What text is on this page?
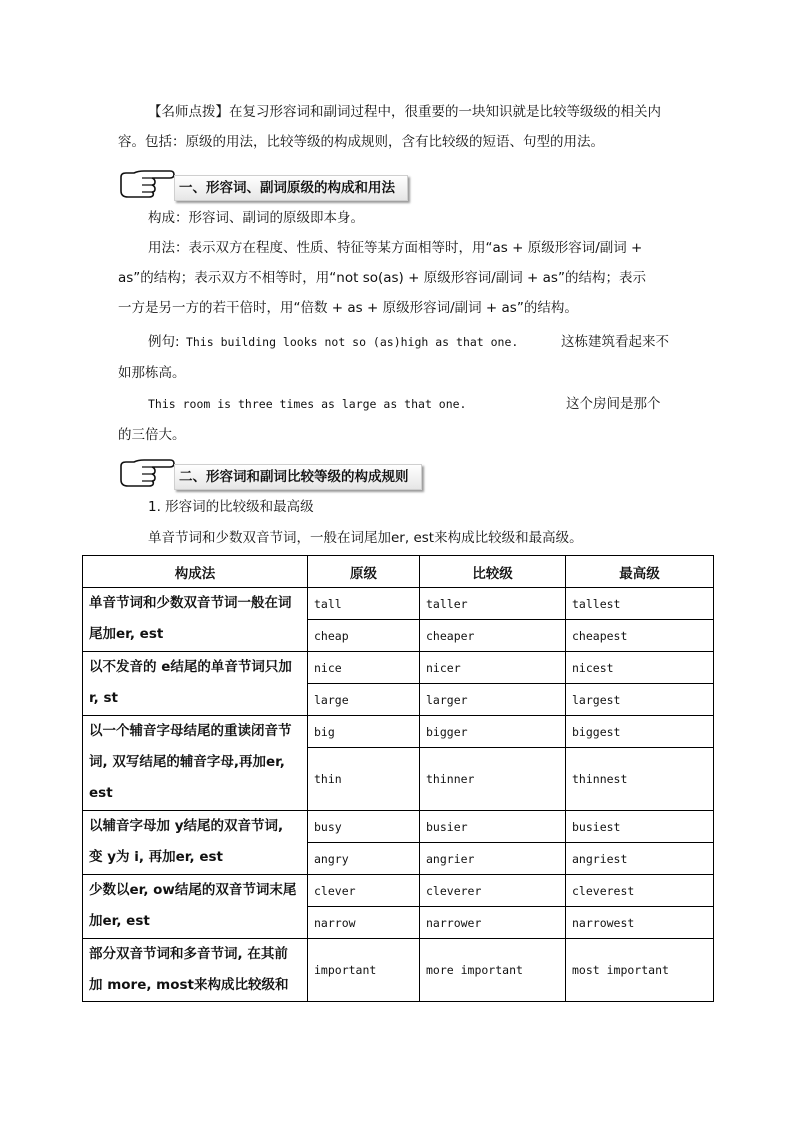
【名师点拨】在复习形容词和副词过程中，很重要的一块知识就是比较等级级的相关内
容。包括：原级的用法，比较等级的构成规则，含有比较级的短语、句型的用法。
一、形容词、副词原级的构成和用法
构成：形容词、副词的原级即本身。
用法：表示双方在程度、性质、特征等某方面相等时，用“as + 原级形容词/副词 +
as”的结构；表示双方不相等时，用“not so(as) + 原级形容词/副词 + as”的结构；表示
一方是另一方的若干倍时，用“倍数 + as + 原级形容词/副词 + as”的结构。
例句: This building looks not so (as)high as that one.	这栋建筑看起来不
如那栋高。
This room is three times as large as that one.	这个房间是那个
的三倍大。
二、形容词和副词比较等级的构成规则
1. 形容词的比较级和最高级
单音节词和少数双音节词，一般在词尾加er, est来构成比较级和最高级。
构成法	原级	比较级	最高级
单音节词和少数双音节词一般在词尾加er, est	tall	taller	tallest
	cheap	cheaper	cheapest
以不发音的 e结尾的单音节词只加r, st	nice	nicer	nicest
	large	larger	largest
以一个辅音字母结尾的重读闭音节词, 双写结尾的辅音字母,再加er, est	big	bigger	biggest
	thin	thinner	thinnest
以辅音字母加 y结尾的双音节词, 变 y为 i, 再加er, est	busy	busier	busiest
	angry	angrier	angriest
少数以er, ow结尾的双音节词末尾加er, est	clever	cleverer	cleverest
	narrow	narrower	narrowest
部分双音节词和多音节词, 在其前加 more, most来构成比较级和	important	more important	most important
